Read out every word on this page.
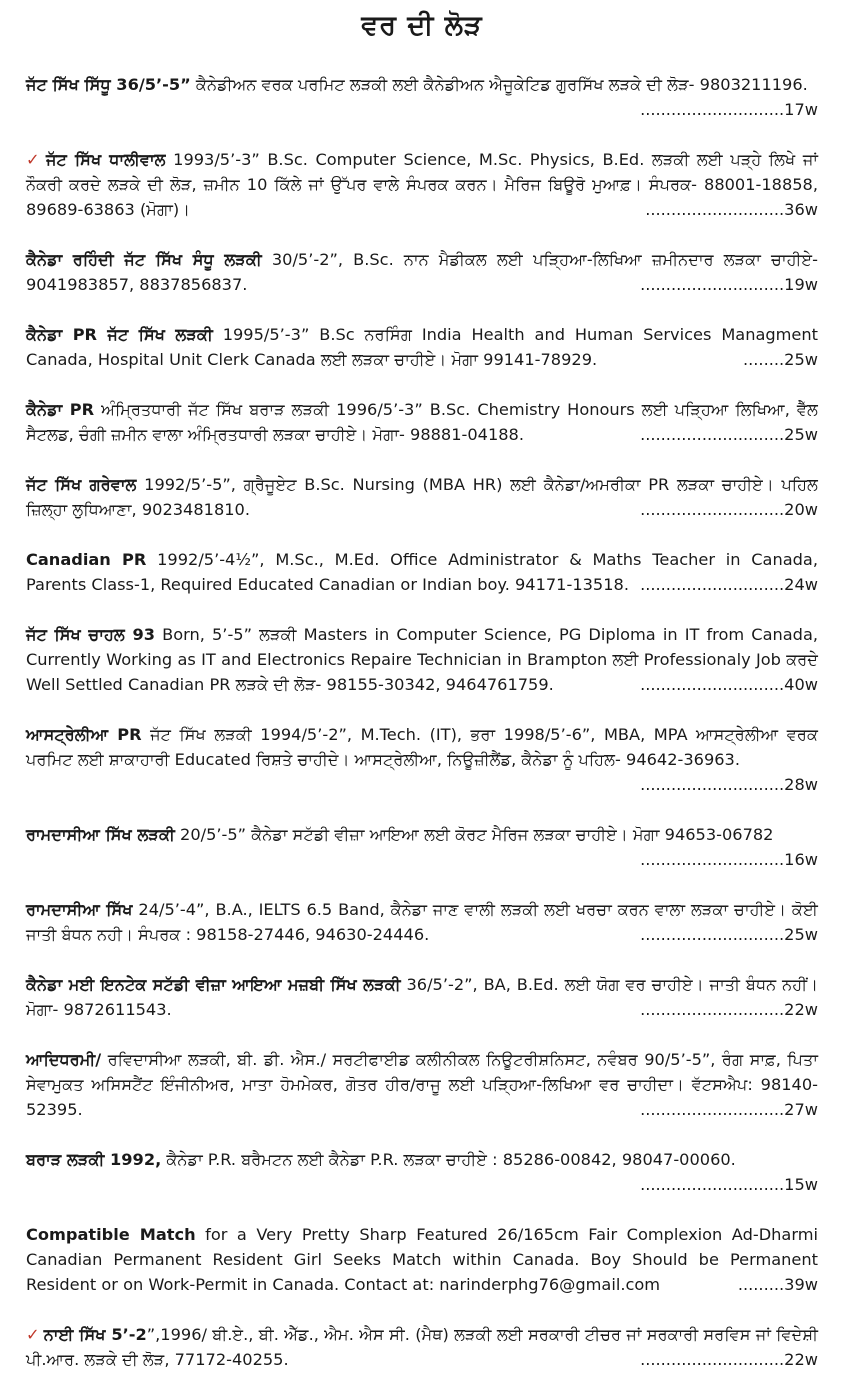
ਵਰ ਦੀ ਲੋੜ
ਜੱਟ ਸਿੱਖ ਸਿੱਧੂ 36/5’-5” ਕੈਨੇਡੀਅਨ ਵਰਕ ਪਰਮਿਟ ਲੜਕੀ ਲਈ ਕੈਨੇਡੀਅਨ ਐਜੂਕੇਟਿਡ ਗੁਰਸਿੱਖ ਲੜਕੇ ਦੀ ਲੋੜ- 9803211196.
............................17w
✓ ਜੱਟ ਸਿੱਖ ਧਾਲੀਵਾਲ 1993/5’-3” B.Sc. Computer Science, M.Sc. Physics, B.Ed. ਲੜਕੀ ਲਈ ਪੜ੍ਹੇ ਲਿਖੇ ਜਾਂ ਨੌਕਰੀ ਕਰਦੇ ਲੜਕੇ ਦੀ ਲੋੜ, ਜ਼ਮੀਨ 10 ਕਿੱਲੇ ਜਾਂ ਉੱਪਰ ਵਾਲੇ ਸੰਪਰਕ ਕਰਨ। ਮੈਰਿਜ ਬਿਊਰੋ ਮੁਆਫ਼। ਸੰਪਰਕ- 88001-18858, 89689-63863 (ਮੋਗਾ)।	...........................36w
ਕੈਨੇਡਾ ਰਹਿੰਦੀ ਜੱਟ ਸਿੱਖ ਸੰਧੂ ਲੜਕੀ 30/5’-2”, B.Sc. ਨਾਨ ਮੈਡੀਕਲ ਲਈ ਪੜ੍ਹਿਆ-ਲਿਖਿਆ ਜ਼ਮੀਨਦਾਰ ਲੜਕਾ ਚਾਹੀਏ- 9041983857, 8837856837.	............................19w
ਕੈਨੇਡਾ PR ਜੱਟ ਸਿੱਖ ਲੜਕੀ 1995/5’-3” B.Sc ਨਰਸਿੰਗ India Health and Human Services Managment Canada, Hospital Unit Clerk Canada ਲਈ ਲੜਕਾ ਚਾਹੀਏ। ਮੋਗਾ 99141-78929.	........25w
ਕੈਨੇਡਾ PR ਅੰਮ੍ਰਿਤਧਾਰੀ ਜੱਟ ਸਿੱਖ ਬਰਾੜ ਲੜਕੀ 1996/5’-3” B.Sc. Chemistry Honours ਲਈ ਪੜ੍ਹਿਆ ਲਿਖਿਆ, ਵੈੱਲ ਸੈਟਲਡ, ਚੰਗੀ ਜ਼ਮੀਨ ਵਾਲਾ ਅੰਮ੍ਰਿਤਧਾਰੀ ਲੜਕਾ ਚਾਹੀਏ। ਮੋਗਾ- 98881-04188.	............................25w
ਜੱਟ ਸਿੱਖ ਗਰੇਵਾਲ 1992/5’-5”, ਗ੍ਰੈਜੂਏਟ B.Sc. Nursing (MBA HR) ਲਈ ਕੈਨੇਡਾ/ਅਮਰੀਕਾ PR ਲੜਕਾ ਚਾਹੀਏ। ਪਹਿਲ ਜ਼ਿਲ੍ਹਾ ਲੁਧਿਆਣਾ, 9023481810.	............................20w
Canadian PR 1992/5’-4½”, M.Sc., M.Ed. Office Administrator & Maths Teacher in Canada, Parents Class-1, Required Educated Canadian or Indian boy. 94171-13518. ............................24w
ਜੱਟ ਸਿੱਖ ਚਾਹਲ 93 Born, 5’-5” ਲੜਕੀ Masters in Computer Science, PG Diploma in IT from Canada, Currently Working as IT and Electronics Repaire Technician in Brampton ਲਈ Professionaly Job ਕਰਦੇ Well Settled Canadian PR ਲੜਕੇ ਦੀ ਲੋੜ- 98155-30342, 9464761759.	............................40w
ਆਸਟ੍ਰੇਲੀਆ PR ਜੱਟ ਸਿੱਖ ਲੜਕੀ 1994/5’-2”, M.Tech. (IT), ਭਰਾ 1998/5’-6”, MBA, MPA ਆਸਟ੍ਰੇਲੀਆ ਵਰਕ ਪਰਮਿਟ ਲਈ ਸ਼ਾਕਾਹਾਰੀ Educated ਰਿਸ਼ਤੇ ਚਾਹੀਦੇ। ਆਸਟ੍ਰੇਲੀਆ, ਨਿਊਜ਼ੀਲੈਂਡ, ਕੈਨੇਡਾ ਨੂੰ ਪਹਿਲ- 94642-36963.
............................28w
ਰਾਮਦਾਸੀਆ ਸਿੱਖ ਲੜਕੀ 20/5’-5” ਕੈਨੇਡਾ ਸਟੱਡੀ ਵੀਜ਼ਾ ਆਇਆ ਲਈ ਕੋਰਟ ਮੈਰਿਜ ਲੜਕਾ ਚਾਹੀਏ। ਮੋਗਾ 94653-06782
............................16w
ਰਾਮਦਾਸੀਆ ਸਿੱਖ 24/5’-4”, B.A., IELTS 6.5 Band, ਕੈਨੇਡਾ ਜਾਣ ਵਾਲੀ ਲੜਕੀ ਲਈ ਖਰਚਾ ਕਰਨ ਵਾਲਾ ਲੜਕਾ ਚਾਹੀਏ। ਕੋਈ ਜਾਤੀ ਬੰਧਨ ਨਹੀ। ਸੰਪਰਕ : 98158-27446, 94630-24446.	............................25w
ਕੈਨੇਡਾ ਮਈ ਇਨਟੇਕ ਸਟੱਡੀ ਵੀਜ਼ਾ ਆਇਆ ਮਜ਼ਬੀ ਸਿੱਖ ਲੜਕੀ 36/5’-2”, BA, B.Ed. ਲਈ ਯੋਗ ਵਰ ਚਾਹੀਏ। ਜਾਤੀ ਬੰਧਨ ਨਹੀਂ। ਮੋਗਾ- 9872611543.	............................22w
ਆਦਿਧਰਮੀ/ ਰਵਿਦਾਸੀਆ ਲੜਕੀ, ਬੀ. ਡੀ. ਐਸ./ ਸਰਟੀਫਾਈਡ ਕਲੀਨੀਕਲ ਨਿਊਟਰੀਸ਼ਨਿਸਟ, ਨਵੰਬਰ 90/5’-5”, ਰੰਗ ਸਾਫ਼, ਪਿਤਾ ਸੇਵਾਮੁਕਤ ਅਸਿਸਟੈਂਟ ਇੰਜੀਨੀਅਰ, ਮਾਤਾ ਹੋਮਮੇਕਰ, ਗੋਤਰ ਹੀਰ/ਰਾਜੂ ਲਈ ਪੜ੍ਹਿਆ-ਲਿਖਿਆ ਵਰ ਚਾਹੀਦਾ। ਵੱਟਸਐਪ: 98140-52395.	............................27w
ਬਰਾੜ ਲੜਕੀ 1992, ਕੈਨੇਡਾ P.R. ਬਰੈਮਟਨ ਲਈ ਕੈਨੇਡਾ P.R. ਲੜਕਾ ਚਾਹੀਏ : 85286-00842, 98047-00060.
............................15w
Compatible Match for a Very Pretty Sharp Featured 26/165cm Fair Complexion Ad-Dharmi Canadian Permanent Resident Girl Seeks Match within Canada. Boy Should be Permanent Resident or on Work-Permit in Canada. Contact at: narinderphg76@gmail.com	.........39w
✓ ਨਾਈ ਸਿੱਖ 5’-2”,1996/ ਬੀ.ਏ., ਬੀ. ਐੱਡ., ਐਮ. ਐਸ ਸੀ. (ਮੈਥ) ਲੜਕੀ ਲਈ ਸਰਕਾਰੀ ਟੀਚਰ ਜਾਂ ਸਰਕਾਰੀ ਸਰਵਿਸ ਜਾਂ ਵਿਦੇਸ਼ੀ ਪੀ.ਆਰ. ਲੜਕੇ ਦੀ ਲੋੜ, 77172-40255.	............................22w
